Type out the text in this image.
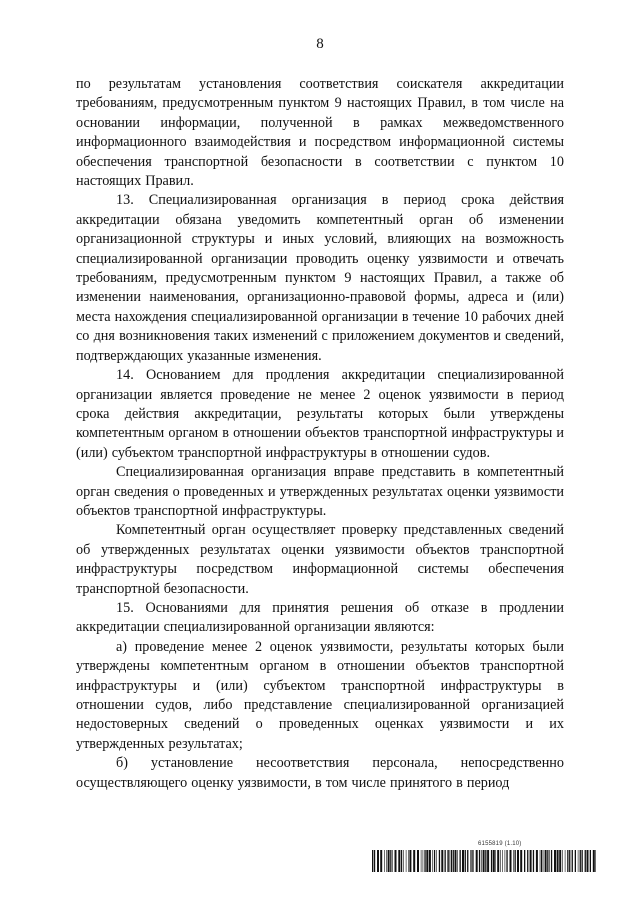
8

по результатам установления соответствия соискателя аккредитации требованиям, предусмотренным пунктом 9 настоящих Правил, в том числе на основании информации, полученной в рамках межведомственного информационного взаимодействия и посредством информационной системы обеспечения транспортной безопасности в соответствии с пунктом 10 настоящих Правил.

13. Специализированная организация в период срока действия аккредитации обязана уведомить компетентный орган об изменении организационной структуры и иных условий, влияющих на возможность специализированной организации проводить оценку уязвимости и отвечать требованиям, предусмотренным пунктом 9 настоящих Правил, а также об изменении наименования, организационно-правовой формы, адреса и (или) места нахождения специализированной организации в течение 10 рабочих дней со дня возникновения таких изменений с приложением документов и сведений, подтверждающих указанные изменения.

14. Основанием для продления аккредитации специализированной организации является проведение не менее 2 оценок уязвимости в период срока действия аккредитации, результаты которых были утверждены компетентным органом в отношении объектов транспортной инфраструктуры и (или) субъектом транспортной инфраструктуры в отношении судов.

Специализированная организация вправе представить в компетентный орган сведения о проведенных и утвержденных результатах оценки уязвимости объектов транспортной инфраструктуры.

Компетентный орган осуществляет проверку представленных сведений об утвержденных результатах оценки уязвимости объектов транспортной инфраструктуры посредством информационной системы обеспечения транспортной безопасности.

15. Основаниями для принятия решения об отказе в продлении аккредитации специализированной организации являются:

а) проведение менее 2 оценок уязвимости, результаты которых были утверждены компетентным органом в отношении объектов транспортной инфраструктуры и (или) субъектом транспортной инфраструктуры в отношении судов, либо представление специализированной организацией недостоверных сведений о проведенных оценках уязвимости и их утвержденных результатах;

б) установление несоответствия персонала, непосредственно осуществляющего оценку уязвимости, в том числе принятого в период

6155819 (1.10)
